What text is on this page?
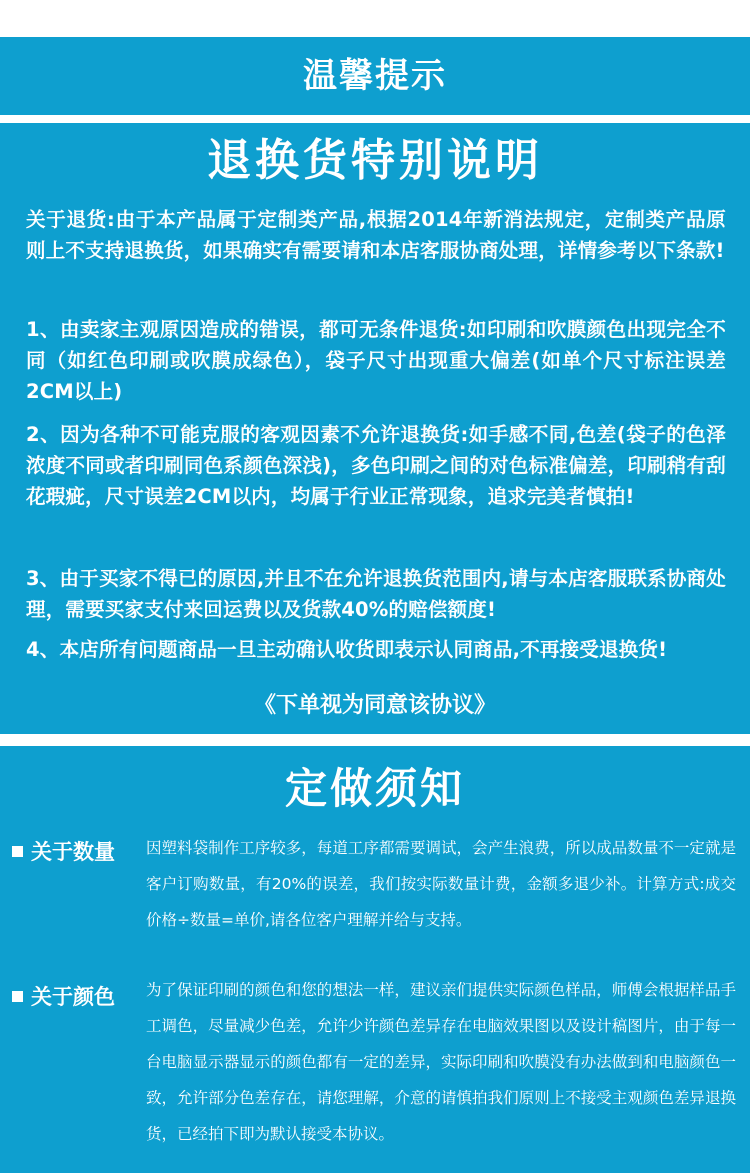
温馨提示
退换货特别说明
关于退货:由于本产品属于定制类产品,根据2014年新消法规定，定制类产品原则上不支持退换货，如果确实有需要请和本店客服协商处理，详情参考以下条款!
1、由卖家主观原因造成的错误，都可无条件退货:如印刷和吹膜颜色出现完全不同（如红色印刷或吹膜成绿色），袋子尺寸出现重大偏差(如单个尺寸标注误差2CM以上)
2、因为各种不可能克服的客观因素不允许退换货:如手感不同,色差(袋子的色泽浓度不同或者印刷同色系颜色深浅)，多色印刷之间的对色标准偏差，印刷稍有刮花瑕疵，尺寸误差2CM以内，均属于行业正常现象，追求完美者慎拍!
3、由于买家不得已的原因,并且不在允许退换货范围内,请与本店客服联系协商处理，需要买家支付来回运费以及货款40%的赔偿额度!
4、本店所有问题商品一旦主动确认收货即表示认同商品,不再接受退换货!
《下单视为同意该协议》
定做须知
关于数量	因塑料袋制作工序较多，每道工序都需要调试，会产生浪费，所以成品数量不一定就是客户订购数量，有20%的误差，我们按实际数量计费，金额多退少补。计算方式:成交价格÷数量=单价,请各位客户理解并给与支持。
关于颜色	为了保证印刷的颜色和您的想法一样，建议亲们提供实际颜色样品，师傅会根据样品手工调色，尽量减少色差，允许少许颜色差异存在电脑效果图以及设计稿图片，由于每一台电脑显示器显示的颜色都有一定的差异，实际印刷和吹膜没有办法做到和电脑颜色一致，允许部分色差存在，请您理解，介意的请慎拍我们原则上不接受主观颜色差异退换货，已经拍下即为默认接受本协议。
